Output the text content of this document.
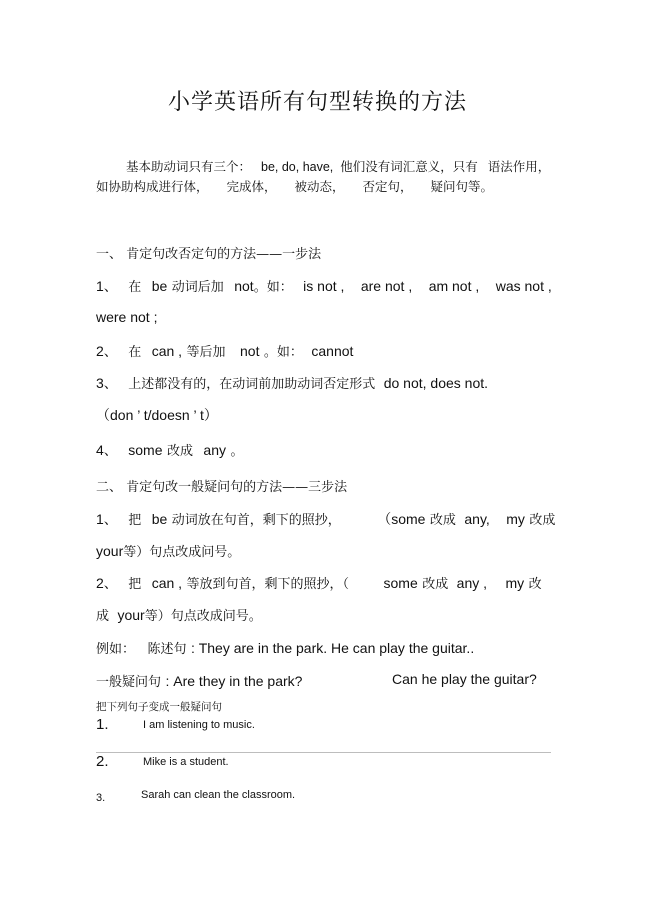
小学英语所有句型转换的方法
基本助动词只有三个： be, do, have, 他们没有词汇意义，只有 语法作用，
如协助构成进行体， 完成体， 被动态， 否定句， 疑问句等。
一、 肯定句改否定句的方法——一步法
1、 在 be 动词后加 not。如： is not , are not , am not , was not ,
were not ;
2、 在 can , 等后加 not 。如： cannot
3、 上述都没有的，在动词前加助动词否定形式 do not, does not.
（don ’ t/doesn ’ t）
4、 some 改成 any 。
二、 肯定句改一般疑问句的方法——三步法
1、 把 be 动词放在句首，剩下的照抄，	（some 改成 any, my 改成
your等）句点改成问号。
2、 把 can , 等放到句首，剩下的照抄，（ some 改成 any , my 改
成 your等）句点改成问号。
例如： 陈述句 : They are in the park. He can play the guitar..
一般疑问句 : Are they in the park?	Can he play the guitar?
把下列句子变成一般疑问句
1.	I am listening to music.
2.	Mike is a student.
3.	Sarah can clean the classroom.
